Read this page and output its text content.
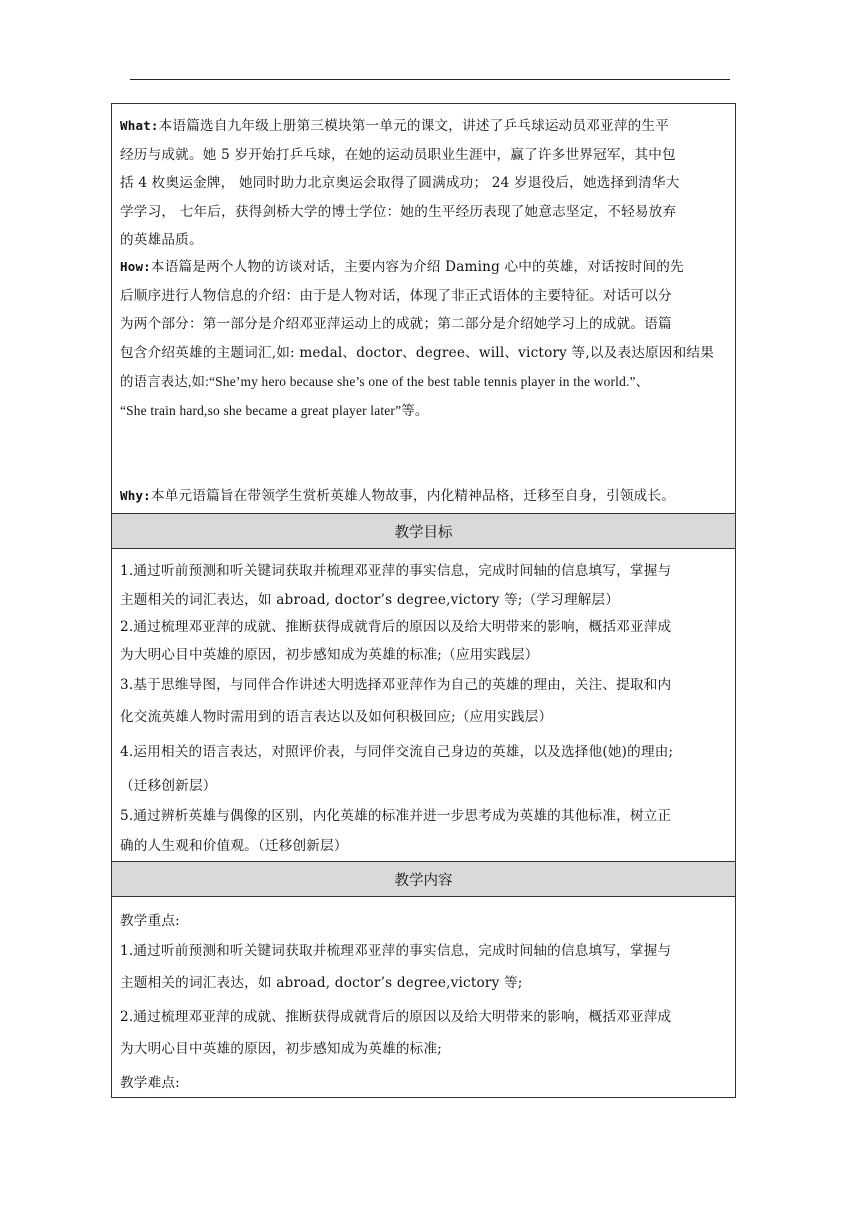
What:本语篇选自九年级上册第三模块第一单元的课文，讲述了乒乓球运动员邓亚萍的生平
经历与成就。她 5 岁开始打乒乓球，在她的运动员职业生涯中，赢了许多世界冠军，其中包
括 4 枚奥运金牌， 她同时助力北京奥运会取得了圆满成功； 24 岁退役后，她选择到清华大
学学习， 七年后，获得剑桥大学的博士学位：她的生平经历表现了她意志坚定，不轻易放弃
的英雄品质。
How:本语篇是两个人物的访谈对话，主要内容为介绍 Daming 心中的英雄，对话按时间的先
后顺序进行人物信息的介绍：由于是人物对话，体现了非正式语体的主要特征。对话可以分
为两个部分：第一部分是介绍邓亚萍运动上的成就；第二部分是介绍她学习上的成就。语篇
包含介绍英雄的主题词汇,如: medal、doctor、degree、will、victory 等,以及表达原因和结果
的语言表达,如:“She’my hero because she’s one of the best table tennis player in the world.”、
“She train hard,so she became a great player later”等。
Why:本单元语篇旨在带领学生赏析英雄人物故事，内化精神品格，迁移至自身，引领成长。
教学目标
1.通过听前预测和听关键词获取并梳理邓亚萍的事实信息，完成时间轴的信息填写，掌握与
主题相关的词汇表达，如 abroad, doctor’s degree,victory 等;（学习理解层）
2.通过梳理邓亚萍的成就、推断获得成就背后的原因以及给大明带来的影响，概括邓亚萍成
为大明心目中英雄的原因，初步感知成为英雄的标准;（应用实践层）
3.基于思维导图，与同伴合作讲述大明选择邓亚萍作为自己的英雄的理由，关注、提取和内
化交流英雄人物时需用到的语言表达以及如何积极回应;（应用实践层）
4.运用相关的语言表达，对照评价表，与同伴交流自己身边的英雄，以及选择他(她)的理由;
（迁移创新层）
5.通过辨析英雄与偶像的区别，内化英雄的标准并进一步思考成为英雄的其他标准，树立正
确的人生观和价值观。（迁移创新层）
教学内容
教学重点:
1.通过听前预测和听关键词获取并梳理邓亚萍的事实信息，完成时间轴的信息填写，掌握与
主题相关的词汇表达，如 abroad, doctor’s degree,victory 等;
2.通过梳理邓亚萍的成就、推断获得成就背后的原因以及给大明带来的影响，概括邓亚萍成
为大明心目中英雄的原因，初步感知成为英雄的标准;
教学难点:
